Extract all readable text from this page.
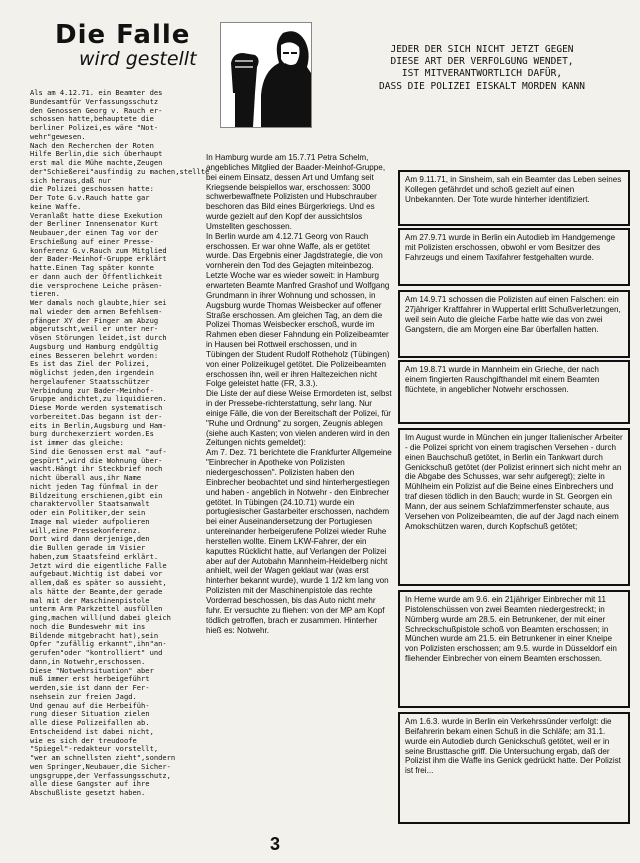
Die Falle
wird gestellt	JEDER DER SICH NICHT JETZT GEGEN
DIESE ART DER VERFOLGUNG WENDET,
IST MITVERANTWORTLICH DAFÜR,
DASS DIE POLIZEI EISKALT MORDEN KANN
Als am 4.12.71. ein Beamter des
Bundesamtfür Verfassungsschutz
den Genossen Georg v. Rauch er-
schossen hatte,behauptete die
berliner Polizei,es wäre "Not-
wehr"gewesen.
Nach den Recherchen der Roten
Hilfe Berlin,die sich überhaupt
erst mal die Mühe machte,Zeugen
der"Schießerei"ausfindig zu machen,stellte sich heraus,daß nur
die Polizei geschossen hatte:
Der Tote G.v.Rauch hatte gar
keine Waffe.
Veranlaßt hatte diese Exekution
der Berliner Innensenator Kurt
Neubauer,der einen Tag vor der
Erschießung auf einer Presse-
konferenz G.v.Rauch zum Mitglied
der Bader-Meinhof-Gruppe erklärt
hatte.Einen Tag später konnte
er dann auch der Öffentlichkeit
die versprochene Leiche präsen-
tieren.
Wer damals noch glaubte,hier sei
mal wieder dem armen Befehlsem-
pfänger XY der Finger am Abzug
abgerutscht,weil er unter ner-
vösen Störungen leidet,ist durch
Augsburg und Hamburg endgültig
eines Besseren belehrt worden:
Es ist das Ziel der Polizei,
möglichst jeden,den irgendein
hergelaufener Staatsschützer
Verbindung zur Bader-Meinhof-
Gruppe andichtet,zu liquidieren.
Diese Morde werden systematisch
vorbereitet.Das begann ist der-
eits in Berlin,Augsburg und Ham-
burg durchexerziert worden.Es
ist immer das gleiche:
Sind die Genossen erst mal "auf-
gespürt",wird die Wohnung über-
wacht.Hängt ihr Steckbrief noch
nicht überall aus,ihr Name
nicht jeden Tag fünfmal in der
Bildzeitung erschienen,gibt ein
charaktervoller Staatsanwalt
oder ein Politiker,der sein
Image mal wieder aufpolieren
will,eine Pressekonferenz.
Dort wird dann derjenige,den
die Bullen gerade im Visier
haben,zum Staatsfeind erklärt.
Jetzt wird die eigentliche Falle
aufgebaut.Wichtig ist dabei vor
allem,daß es später so aussieht,
als hätte der Beamte,der gerade
mal mit der Maschinenpistole
unterm Arm Parkzettel ausfüllen
ging,machen will(und dabei gleich
noch die Bundeswehr mit ins
Bildende mitgebracht hat),sein
Opfer "zufällig erkannt",ihn"an-
gerufen"oder "kontrolliert" und
dann,in Notwehr,erschossen.
Diese "Notwehrsituation" aber
muß immer erst herbeigeführt
werden,sie ist dann der Fer-
nsehsein zur freien Jagd.
Und genau auf die Herbeifüh-
rung dieser Situation zielen
alle diese Polizeifallen ab.
Entscheidend ist dabei nicht,
wie es sich der treudoofe
"Spiegel"-redakteur vorstellt,
"wer am schnellsten zieht",sondern
wen Springer,Neubauer,die Sicher-
ungsgruppe,der Verfassungsschutz,
alle diese Gangster auf ihre
Abschußliste gesetzt haben.

In Hamburg wurde am 15.7.71 Petra Schelm, angebliches Mitglied der Baader-Meinhof-Gruppe, bei einem Einsatz, dessen Art und Umfang seit Kriegsende beispiellos war, erschossen: 3000 schwerbewaffnete Polizisten und Hubschrauber beschoren das Bild eines Bürgerkriegs. Und es wurde gezielt auf den Kopf der aussichtslos Umstellten geschossen.

In Berlin wurde am 4.12.71 Georg von Rauch erschossen. Er war ohne Waffe, als er getötet wurde. Das Ergebnis einer Jagdstrategie, die von vornherein den Tod des Gejagten miteinbezog.

Letzte Woche war es wieder soweit: in Hamburg erwarteten Beamte Manfred Grashof und Wolfgang Grundmann in ihrer Wohnung und schossen, in Augsburg wurde Thomas Weisbecker auf offener Straße erschossen. Am gleichen Tag, an dem die Polizei Thomas Weisbecker erschoß, wurde im Rahmen eben dieser Fahndung ein Polizeibeamter in Hausen bei Rottweil erschossen, und in Tübingen der Student Rudolf Rotheholz (Tübingen) von einer Polizeikugel getötet. Die Polizeibeamten erschossen ihn, weil er ihren Haltezeichen nicht Folge geleistet hatte (FR, 3.3.).

Die Liste der auf diese Weise Ermordeten ist, selbst in der Pressebe-richterstattung, sehr lang. Nur einige Fälle, die von der Bereitschaft der Polizei, für "Ruhe und Ordnung" zu sorgen, Zeugnis ablegen (siehe auch Kasten; von vielen anderen wird in den Zeitungen nichts gemeldet):

Am 7. Dez. 71 berichtete die Frankfurter Allgemeine "Einbrecher in Apotheke von Polizisten niedergeschossen". Polizisten haben den Einbrecher beobachtet und sind hinterhergestiegen und haben - angeblich in Notwehr - den Einbrecher getötet. In Tübingen (24.10.71) wurde ein portugiesischer Gastarbeiter erschossen, nachdem bei einer Auseinandersetzung der Portugiesen untereinander herbeigerufene Polizei wieder Ruhe herstellen wollte. Einem LKW-Fahrer, der ein kaputtes Rücklicht hatte, auf Verlangen der Polizei aber auf der Autobahn Mannheim-Heidelberg nicht anhielt, weil der Wagen geklaut war (was erst hinterher bekannt wurde), wurde 1 1/2 km lang von Polizisten mit der Maschinenpistole das rechte Vorderrad beschossen, bis das Auto nicht mehr fuhr. Er versuchte zu fliehen: von der MP am Kopf tödlich getroffen, brach er zusammen. Hinterher hieß es: Notwehr.

Am 9.11.71, in Sinsheim, sah ein Beamter das Leben seines Kollegen gefährdet und schoß gezielt auf einen Unbekannten. Der Tote wurde hinterher identifiziert.

Am 27.9.71 wurde in Berlin ein Autodieb im Handgemenge mit Polizisten erschossen, obwohl er vom Besitzer des Fahrzeugs und einem Taxifahrer festgehalten wurde.

Am 14.9.71 schossen die Polizisten auf einen Falschen: ein 27jähriger Kraftfahrer in Wuppertal erlitt Schußverletzungen, weil sein Auto die gleiche Farbe hatte wie das von zwei Gangstern, die am Morgen eine Bar überfallen hatten.

Am 19.8.71 wurde in Mannheim ein Grieche, der nach einem fingierten Rauschgifthandel mit einem Beamten flüchtete, in angeblicher Notwehr erschossen.

Im August wurde in München ein junger Italienischer Arbeiter - die Polizei spricht von einem tragischen Versehen - durch einen Bauchschuß getötet, in Berlin ein Tankwart durch Genickschuß getötet (der Polizist erinnert sich nicht mehr an die Abgabe des Schusses, war sehr aufgeregt); zielte in Mühlheim ein Polizist auf die Beine eines Einbrechers und traf diesen tödlich in den Bauch; wurde in St. Georgen ein Mann, der aus seinem Schlafzimmerfenster schaute, aus Versehen von Polizeibeamten, die auf der Jagd nach einem Amokschützen waren, durch Kopfschuß getötet;

In Herne wurde am 9.6. ein 21jähriger Einbrecher mit 11 Pistolenschüssen von zwei Beamten niedergestreckt; in Nürnberg wurde am 28.5. ein Betrunkener, der mit einer Schreckschußpistole schoß von Beamten erschossen; in München wurde am 21.5. ein Betrunkener in einer Kneipe von Polizisten erschossen; am 9.5. wurde in Düsseldorf ein fliehender Einbrecher von einem Beamten erschossen.

Am 1.6.3. wurde in Berlin ein Verkehrssünder verfolgt: die Beifahrerin bekam einen Schuß in die Schläfe; am 31.1. wurde ein Autodieb durch Genickschuß getötet, weil er in seine Brusttasche griff. Die Untersuchung ergab, daß der Polizist ihm die Waffe ins Genick gedrückt hatte. Der Polizist ist frei...

3
